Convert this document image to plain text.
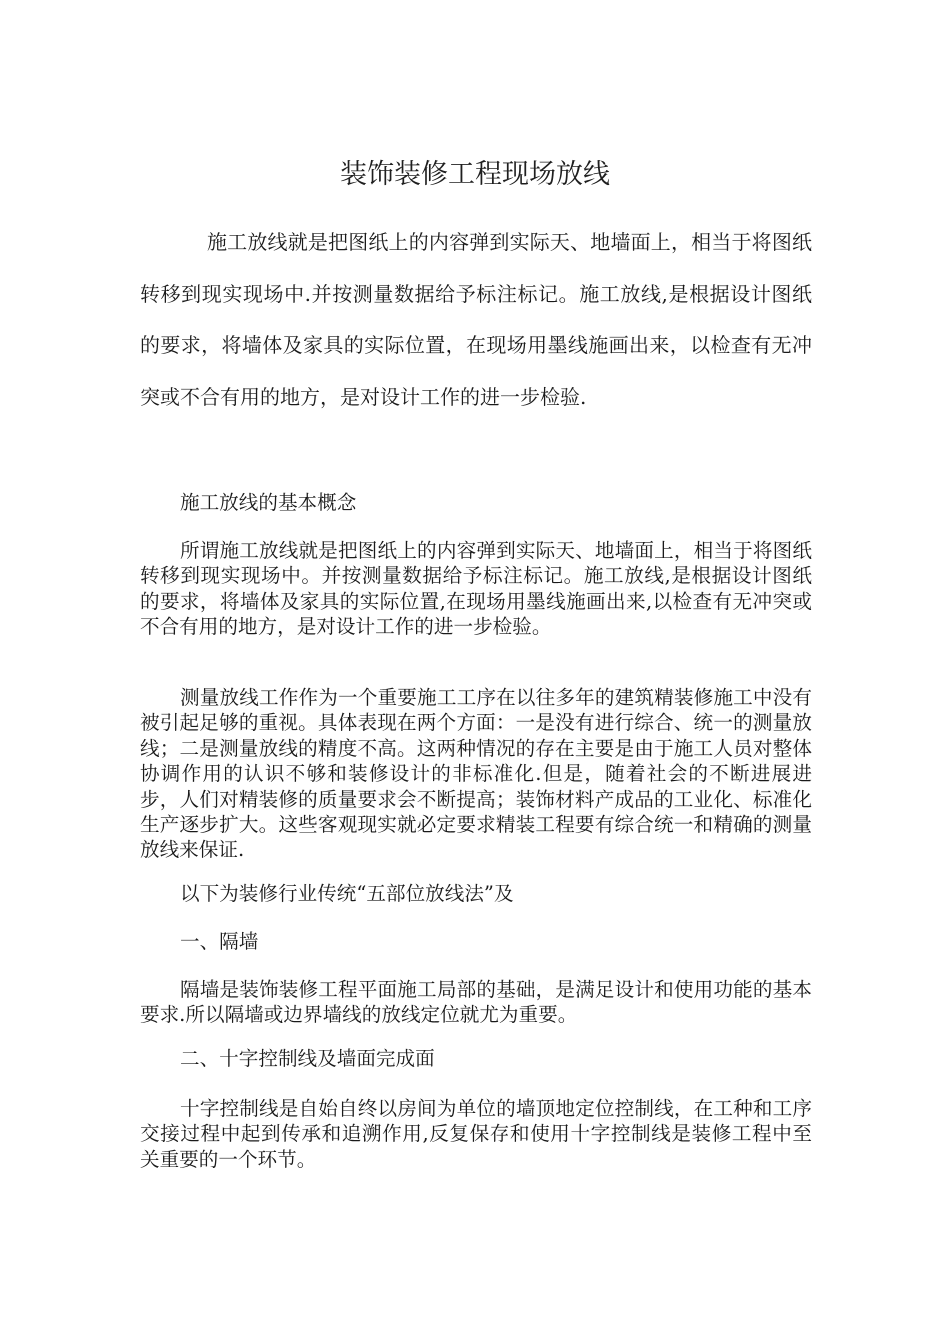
装饰装修工程现场放线

施工放线就是把图纸上的内容弹到实际天、地墙面上，相当于将图纸转移到现实现场中.并按测量数据给予标注标记。施工放线,是根据设计图纸的要求，将墙体及家具的实际位置，在现场用墨线施画出来，以检查有无冲突或不合有用的地方，是对设计工作的进一步检验.

施工放线的基本概念

所谓施工放线就是把图纸上的内容弹到实际天、地墙面上，相当于将图纸转移到现实现场中。并按测量数据给予标注标记。施工放线,是根据设计图纸的要求，将墙体及家具的实际位置,在现场用墨线施画出来,以检查有无冲突或不合有用的地方，是对设计工作的进一步检验。

测量放线工作作为一个重要施工工序在以往多年的建筑精装修施工中没有被引起足够的重视。具体表现在两个方面：一是没有进行综合、统一的测量放线；二是测量放线的精度不高。这两种情况的存在主要是由于施工人员对整体协调作用的认识不够和装修设计的非标准化.但是，随着社会的不断进展进步，人们对精装修的质量要求会不断提高；装饰材料产成品的工业化、标准化生产逐步扩大。这些客观现实就必定要求精装工程要有综合统一和精确的测量放线来保证.

以下为装修行业传统“五部位放线法”及

一、隔墙

隔墙是装饰装修工程平面施工局部的基础，是满足设计和使用功能的基本要求.所以隔墙或边界墙线的放线定位就尤为重要。

二、十字控制线及墙面完成面

十字控制线是自始自终以房间为单位的墙顶地定位控制线，在工种和工序交接过程中起到传承和追溯作用,反复保存和使用十字控制线是装修工程中至关重要的一个环节。
